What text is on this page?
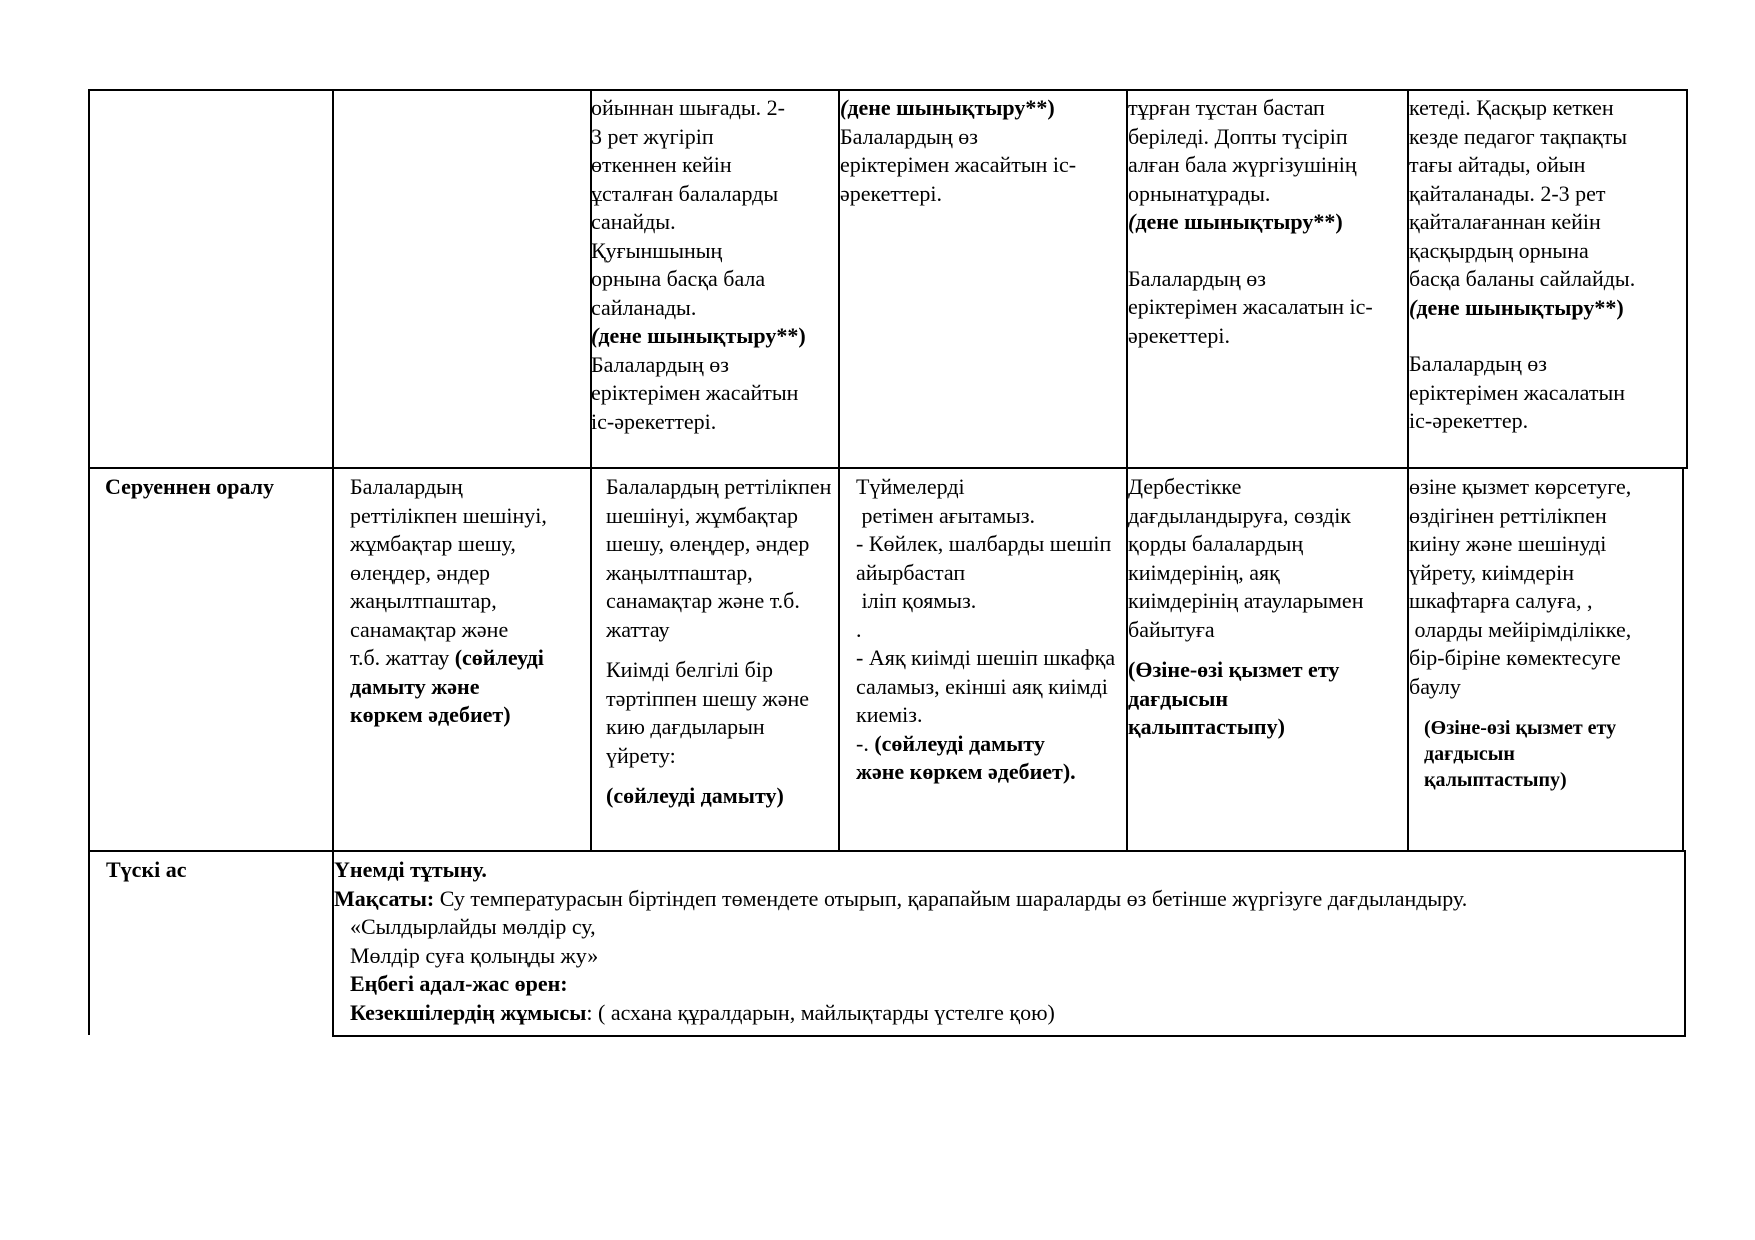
ойыннан шығады. 2-
3 рет жүгіріп
өткеннен кейін
ұсталған балаларды
санайды.
Қуғыншының
орнына басқа бала
сайланады.
(дене шынықтыру**)
Балалардың өз
еріктерімен жасайтын
іс-әрекеттері.
(дене шынықтыру**)
Балалардың өз
еріктерімен жасайтын іс-
әрекеттері.
тұрған тұстан бастап
беріледі. Допты түсіріп
алған бала жүргізушінің
орнынатұрады.
(дене шынықтыру**)
Балалардың өз
еріктерімен жасалатын іс-
әрекеттері.
кетеді. Қасқыр кеткен
кезде педагог тақпақты
тағы айтады, ойын
қайталанады. 2-3 рет
қайталағаннан кейін
қасқырдың орнына
басқа баланы сайлайды.
(дене шынықтыру**)
Балалардың өз
еріктерімен жасалатын
іс-әрекеттер.
Серуеннен оралу	Балалардың
реттілікпен шешінуі,
жұмбақтар шешу,
өлеңдер, әндер
жаңылтпаштар,
санамақтар және
т.б. жаттау (сөйлеуді
дамыту және
көркем әдебиет)
Балалардың реттілікпен
шешінуі, жұмбақтар
шешу, өлеңдер, әндер
жаңылтпаштар,
санамақтар және т.б.
жаттау
Киімді белгілі бір
тәртіппен шешу және
кию дағдыларын
үйрету:
(сөйлеуді дамыту)
Түймелерді
ретімен ағытамыз.
- Көйлек, шалбарды шешіп
айырбастап
іліп қоямыз.
.
- Аяқ киімді шешіп шкафқа
саламыз, екінші аяқ киімді
киеміз.
-. (сөйлеуді дамыту
және көркем әдебиет).
Дербестікке
дағдыландыруға, сөздік
қорды балалардың
киімдерінің, аяқ
киімдерінің атауларымен
байытуға
(Өзіне-өзі қызмет ету
дағдысын
қалыптастыпу)
өзіне қызмет көрсетуге,
өздігінен реттілікпен
киіну және шешінуді
үйрету, киімдерін
шкафтарға салуға, ,
оларды мейірімділікке,
бір-біріне көмектесуге
баулу
(Өзіне-өзі қызмет ету
дағдысын
қалыптастыпу)
Түскі ас	Үнемді тұтыну.
Мақсаты: Су температурасын біртіндеп төмендете отырып, қарапайым шараларды өз бетінше жүргізуге дағдыландыру.
«Сылдырлайды мөлдір су,
Мөлдір суға қолыңды жу»
Еңбегі адал-жас өрен:
Кезекшілердің жұмысы: ( асхана құралдарын, майлықтарды үстелге қою)
